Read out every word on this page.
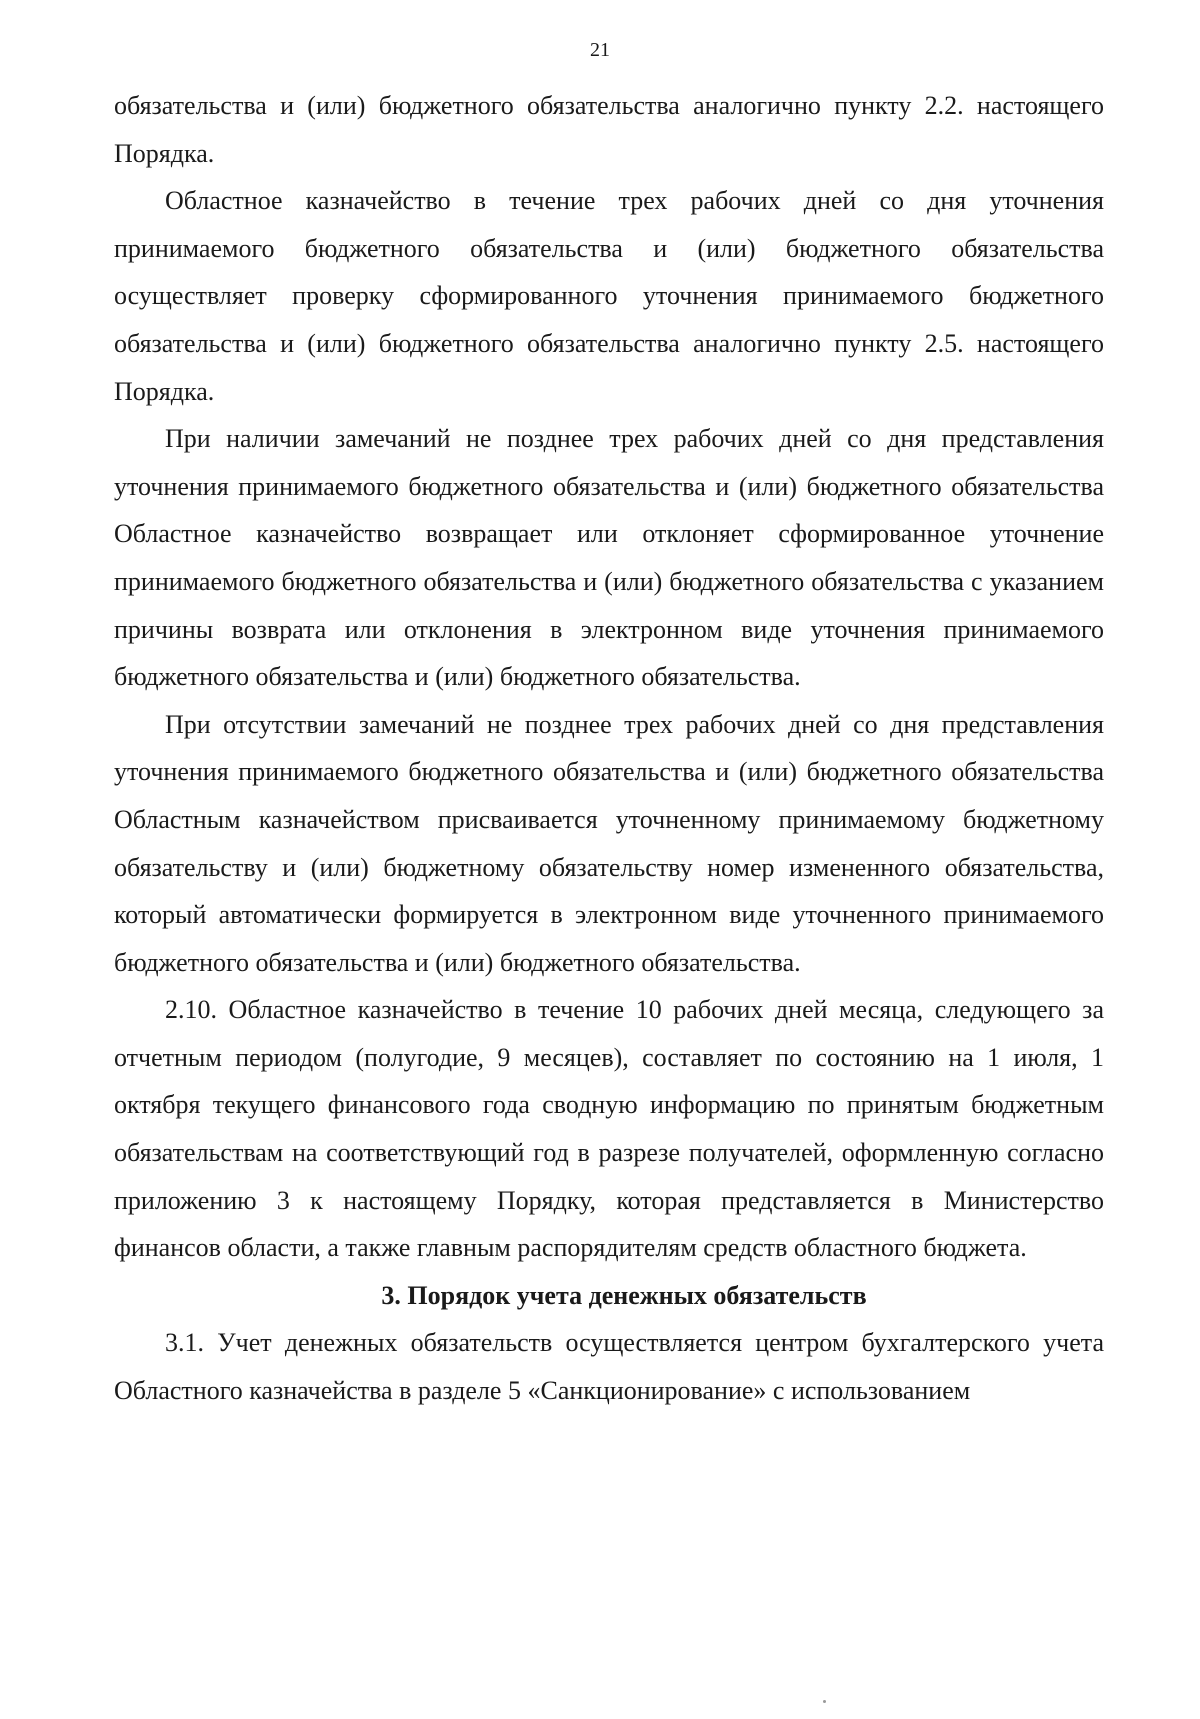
21

обязательства и (или) бюджетного обязательства аналогично пункту 2.2. настоящего Порядка.

Областное казначейство в течение трех рабочих дней со дня уточнения принимаемого бюджетного обязательства и (или) бюджетного обязательства осуществляет проверку сформированного уточнения принимаемого бюджетного обязательства и (или) бюджетного обязательства аналогично пункту 2.5. настоящего Порядка.

При наличии замечаний не позднее трех рабочих дней со дня представления уточнения принимаемого бюджетного обязательства и (или) бюджетного обязательства Областное казначейство возвращает или отклоняет сформированное уточнение принимаемого бюджетного обязательства и (или) бюджетного обязательства с указанием причины возврата или отклонения в электронном виде уточнения принимаемого бюджетного обязательства и (или) бюджетного обязательства.

При отсутствии замечаний не позднее трех рабочих дней со дня представления уточнения принимаемого бюджетного обязательства и (или) бюджетного обязательства Областным казначейством присваивается уточненному принимаемому бюджетному обязательству и (или) бюджетному обязательству номер измененного обязательства, который автоматически формируется в электронном виде уточненного принимаемого бюджетного обязательства и (или) бюджетного обязательства.

2.10. Областное казначейство в течение 10 рабочих дней месяца, следующего за отчетным периодом (полугодие, 9 месяцев), составляет по состоянию на 1 июля, 1 октября текущего финансового года сводную информацию по принятым бюджетным обязательствам на соответствующий год в разрезе получателей, оформленную согласно приложению 3 к настоящему Порядку, которая представляется в Министерство финансов области, а также главным распорядителям средств областного бюджета.

3. Порядок учета денежных обязательств

3.1. Учет денежных обязательств осуществляется центром бухгалтерского учета Областного казначейства в разделе 5 «Санкционирование» с использованием
